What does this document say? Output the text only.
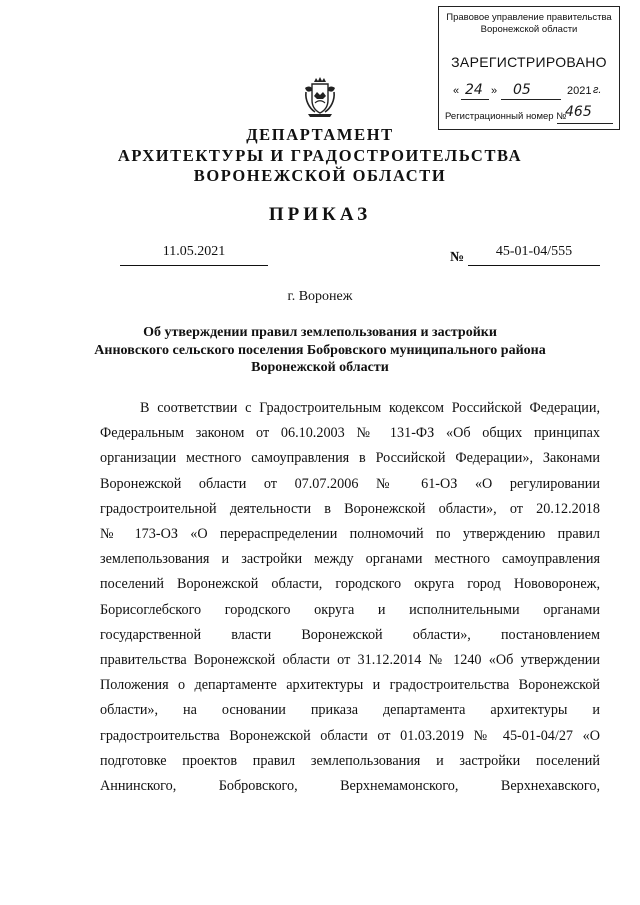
Правовое управление правительства
Воронежской области
ЗАРЕГИСТРИРОВАНО
« 24 » 05	2021 г.
Регистрационный номер №
465
ДЕПАРТАМЕНТ
АРХИТЕКТУРЫ И ГРАДОСТРОИТЕЛЬСТВА
ВОРОНЕЖСКОЙ ОБЛАСТИ
ПРИКАЗ
11.05.2021	№	45-01-04/555
г. Воронеж
Об утверждении правил землепользования и застройки
Анновского сельского поселения Бобровского муниципального района
Воронежской области
В соответствии с Градостроительным кодексом Российской Федерации,
Федеральным законом от 06.10.2003 № 131-ФЗ «Об общих принципах
организации местного самоуправления в Российской Федерации», Законами
Воронежской области от 07.07.2006 № 61-ОЗ «О регулировании
градостроительной деятельности в Воронежской области», от 20.12.2018
№ 173-ОЗ «О перераспределении полномочий по утверждению правил
землепользования и застройки между органами местного самоуправления
поселений Воронежской области, городского округа город Нововоронеж,
Борисоглебского городского округа и исполнительными органами
государственной власти Воронежской области», постановлением
правительства Воронежской области от 31.12.2014 № 1240 «Об утверждении
Положения о департаменте архитектуры и градостроительства Воронежской
области», на основании приказа департамента архитектуры и
градостроительства Воронежской области от 01.03.2019 № 45-01-04/27 «О
подготовке проектов правил землепользования и застройки поселений
Аннинского, Бобровского, Верхнемамонского, Верхнехавского,
